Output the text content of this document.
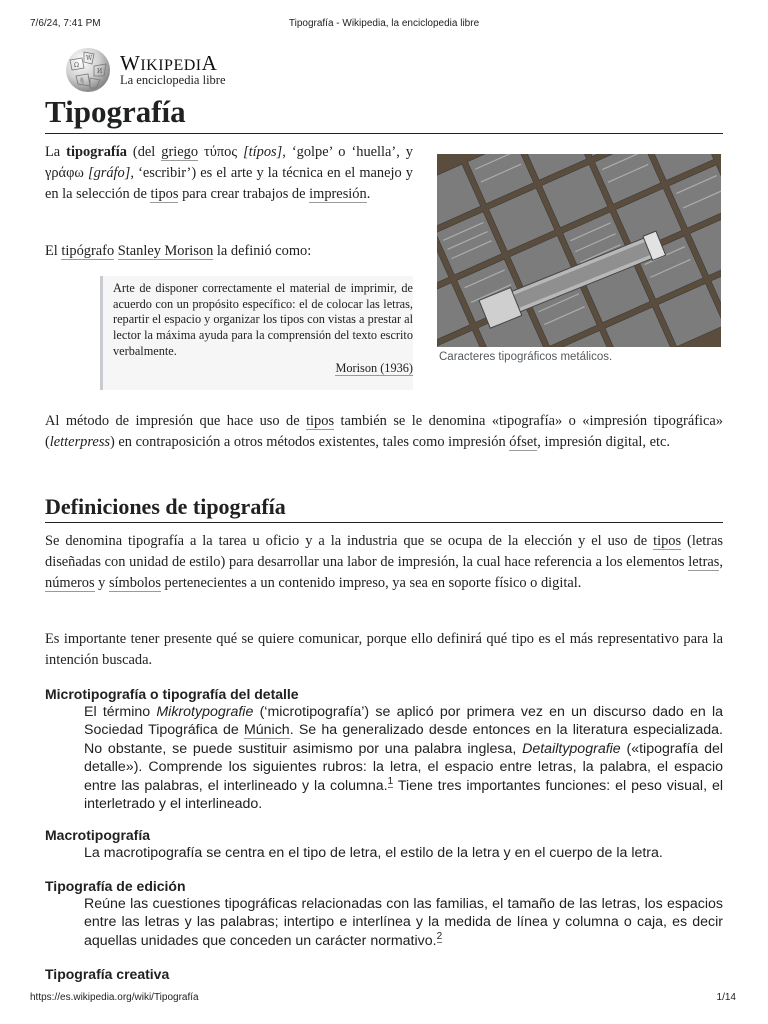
7/6/24, 7:41 PM	Tipografía - Wikipedia, la enciclopedia libre
Ω
W
И
ή
WIKIPEDIA
La enciclopedia libre
Tipografía

La tipografía (del griego τύπος [típos], ‘golpe’ o ‘huella’, y γράφω [gráfo], ‘escribir’) es el arte y la técnica en el manejo y en la selección de tipos para crear trabajos de impresión.

El tipógrafo Stanley Morison la definió como:

Arte de disponer correctamente el material de imprimir, de acuerdo con un propósito específico: el de colocar las letras, repartir el espacio y organizar los tipos con vistas a prestar al lector la máxima ayuda para la comprensión del texto escrito verbalmente.
Morison (1936)
Caracteres tipográficos metálicos.

Al método de impresión que hace uso de tipos también se le denomina «tipografía» o «impresión tipográfica» (letterpress) en contraposición a otros métodos existentes, tales como impresión ófset, impresión digital, etc.

Definiciones de tipografía

Se denomina tipografía a la tarea u oficio y a la industria que se ocupa de la elección y el uso de tipos (letras diseñadas con unidad de estilo) para desarrollar una labor de impresión, la cual hace referencia a los elementos letras, números y símbolos pertenecientes a un contenido impreso, ya sea en soporte físico o digital.

Es importante tener presente qué se quiere comunicar, porque ello definirá qué tipo es el más representativo para la intención buscada.

Microtipografía o tipografía del detalle
El término Mikrotypografie (‘microtipografía’) se aplicó por primera vez en un discurso dado en la Sociedad Tipográfica de Múnich. Se ha generalizado desde entonces en la literatura especializada. No obstante, se puede sustituir asimismo por una palabra inglesa, Detailtypografie («tipografía del detalle»). Comprende los siguientes rubros: la letra, el espacio entre letras, la palabra, el espacio entre las palabras, el interlineado y la columna.$^1$ Tiene tres importantes funciones: el peso visual, el interletrado y el interlineado.
Macrotipografía
La macrotipografía se centra en el tipo de letra, el estilo de la letra y en el cuerpo de la letra.
Tipografía de edición
Reúne las cuestiones tipográficas relacionadas con las familias, el tamaño de las letras, los espacios entre las letras y las palabras; intertipo e interlínea y la medida de línea y columna o caja, es decir aquellas unidades que conceden un carácter normativo.$^2$
Tipografía creativa
https://es.wikipedia.org/wiki/Tipografía	1/14
